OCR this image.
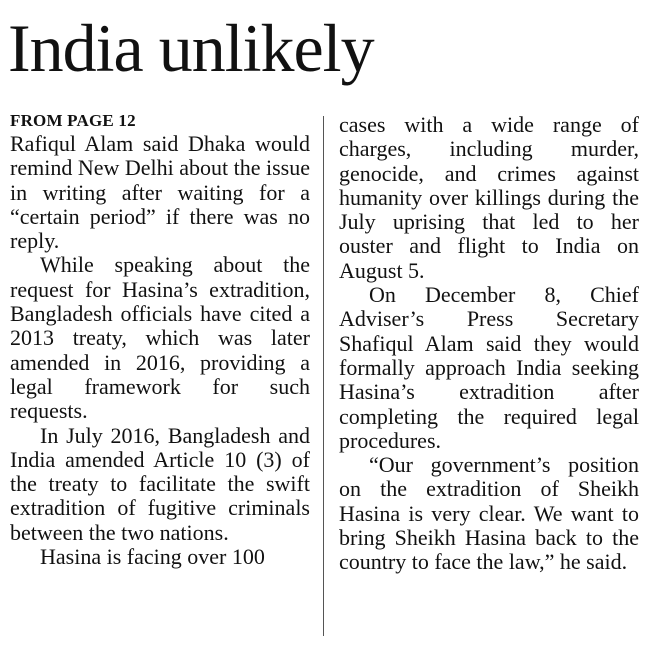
India unlikely
FROM PAGE 12

Rafiqul Alam said Dhaka would remind New Delhi about the issue in writing after waiting for a “certain period” if there was no reply.

While speaking about the request for Hasina’s extradition, Bangladesh officials have cited a 2013 treaty, which was later amended in 2016, providing a legal framework for such requests.

In July 2016, Bangladesh and India amended Article 10 (3) of the treaty to facilitate the swift extradition of fugitive criminals between the two nations.

Hasina is facing over 100

cases with a wide range of charges, including murder, genocide, and crimes against humanity over killings during the July uprising that led to her ouster and flight to India on August 5.

On December 8, Chief Adviser’s Press Secretary Shafiqul Alam said they would formally approach India seeking Hasina’s extradition after completing the required legal procedures.

“Our government’s position on the extradition of Sheikh Hasina is very clear. We want to bring Sheikh Hasina back to the country to face the law,” he said.
